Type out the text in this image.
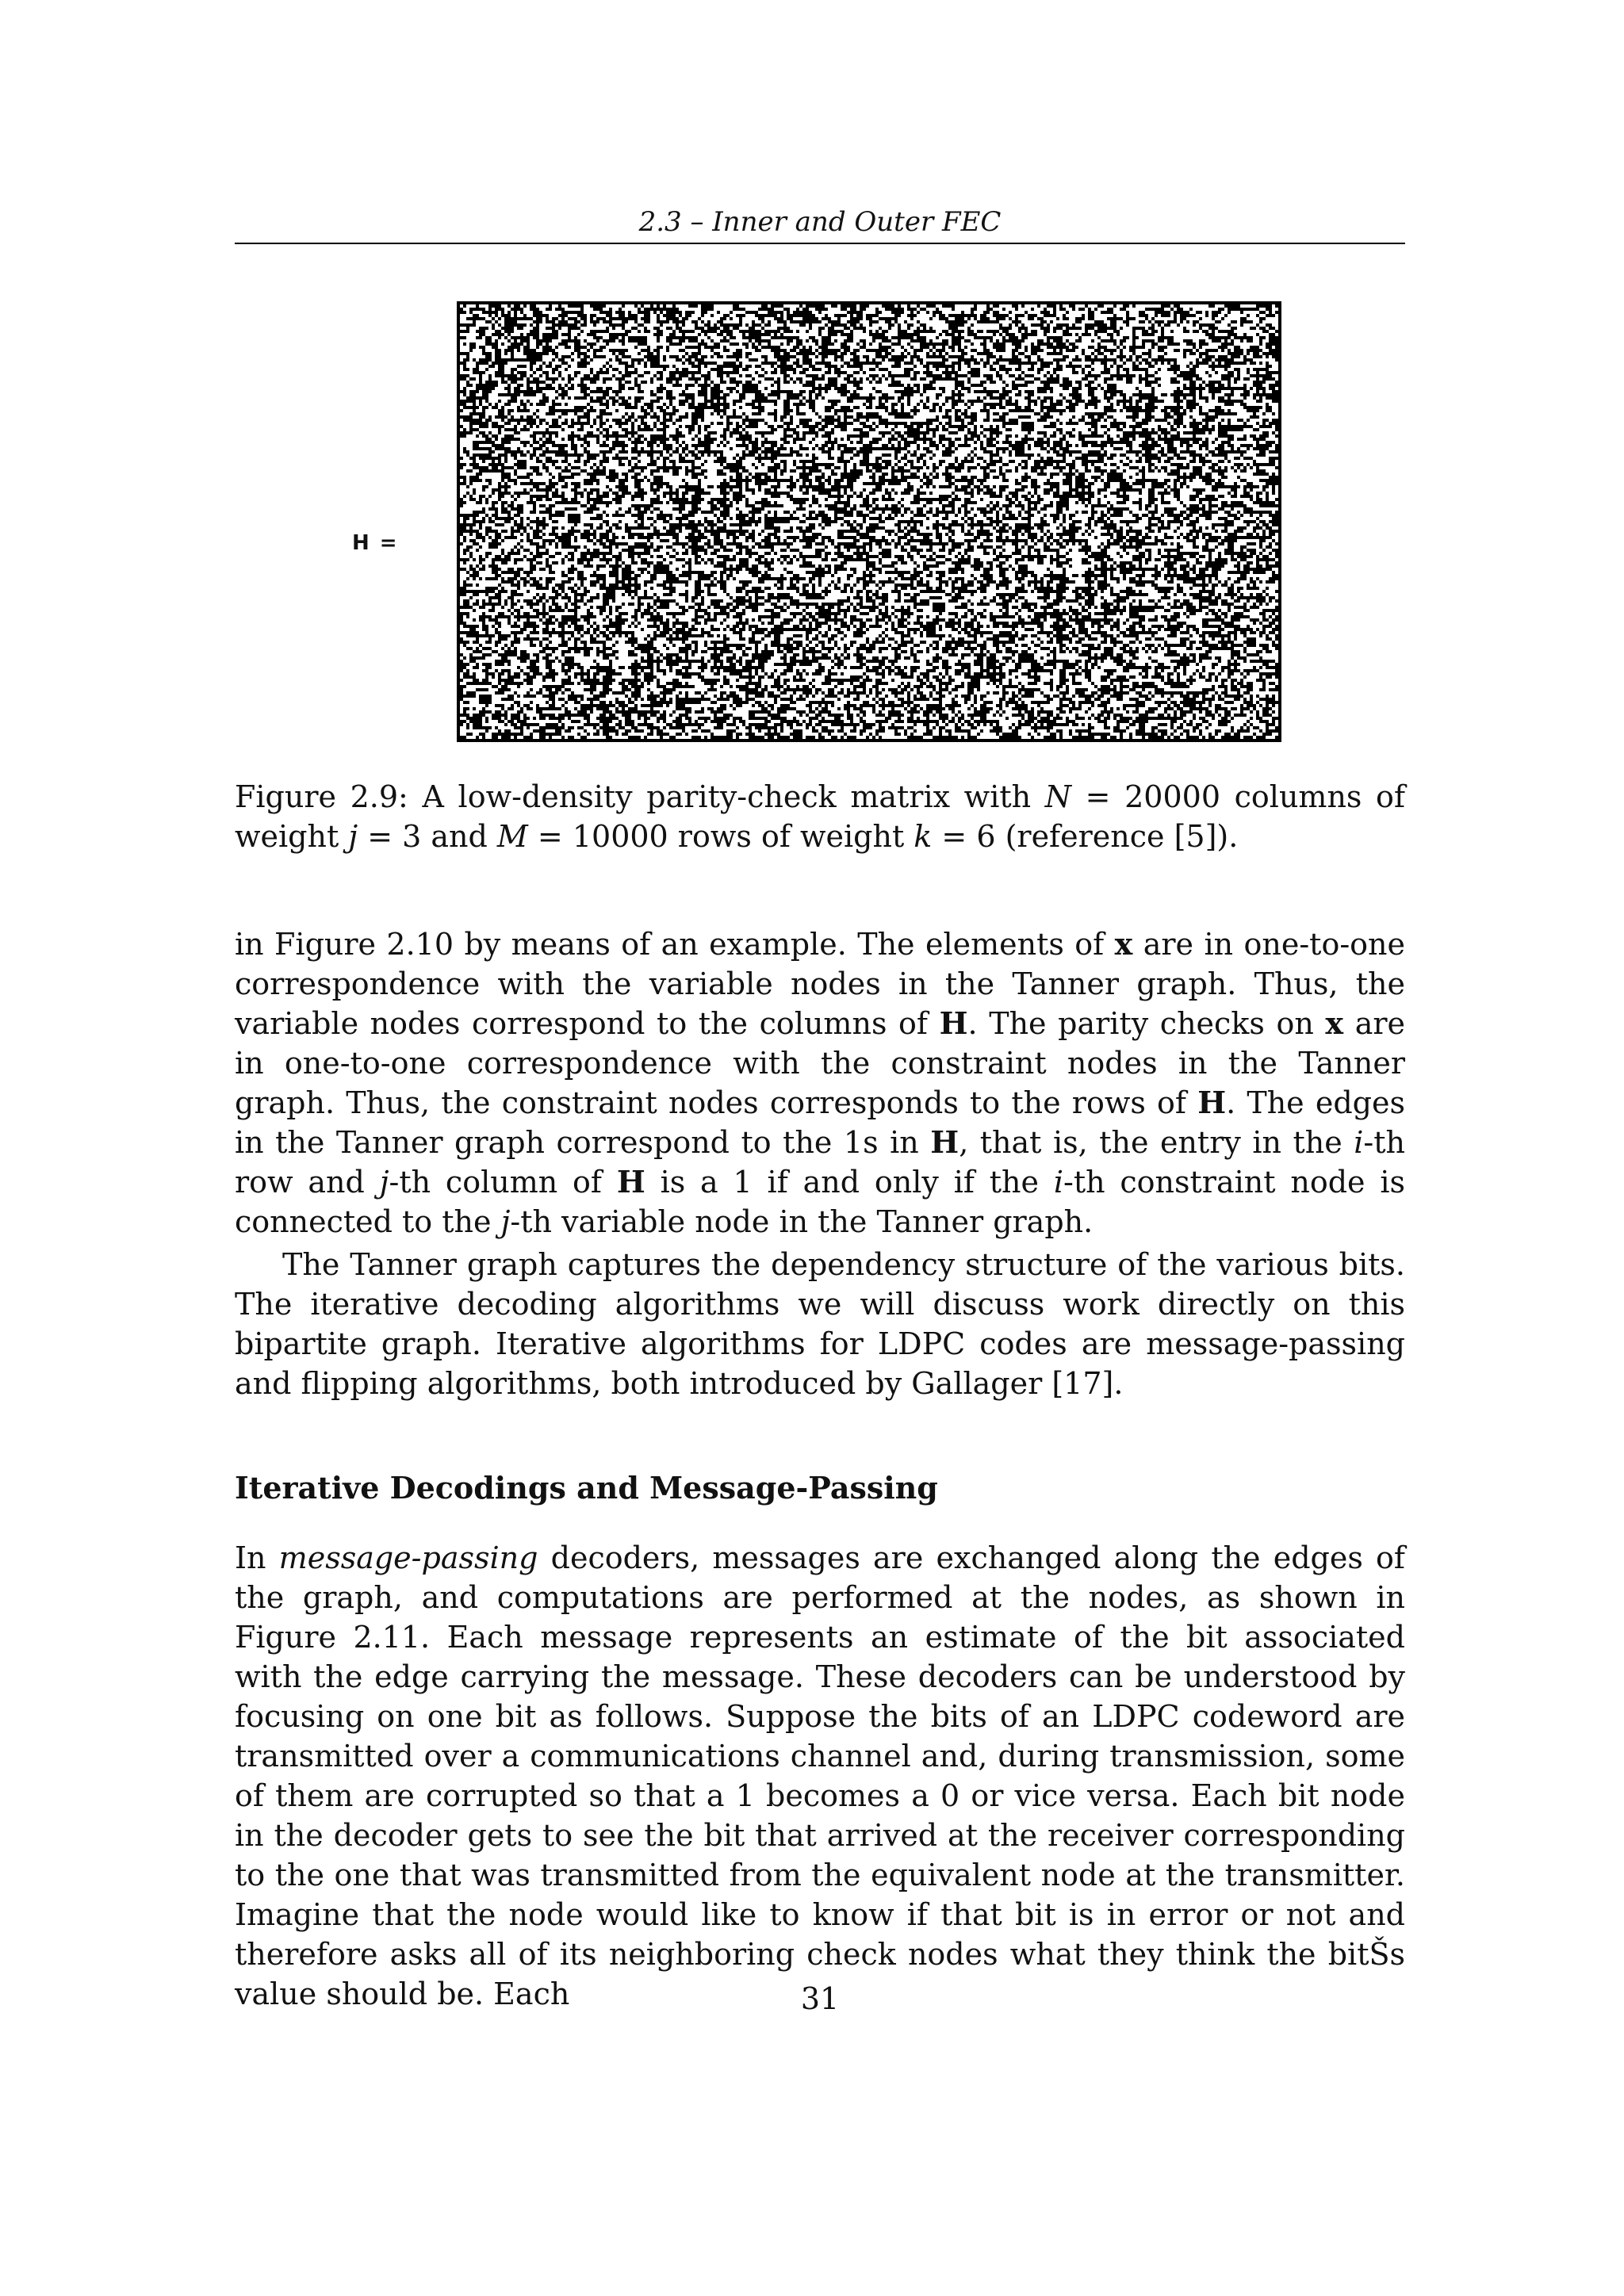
2.3 – Inner and Outer FEC
H =
Figure 2.9: A low-density parity-check matrix with N = 20000 columns of weight j = 3 and M = 10000 rows of weight k = 6 (reference [5]).
in Figure 2.10 by means of an example. The elements of x are in one-to-one correspondence with the variable nodes in the Tanner graph. Thus, the variable nodes correspond to the columns of H. The parity checks on x are in one-to-one correspondence with the constraint nodes in the Tanner graph. Thus, the constraint nodes corresponds to the rows of H. The edges in the Tanner graph correspond to the 1s in H, that is, the entry in the i-th row and j-th column of H is a 1 if and only if the i-th constraint node is connected to the j-th variable node in the Tanner graph.
The Tanner graph captures the dependency structure of the various bits. The iterative decoding algorithms we will discuss work directly on this bipartite graph. Iterative algorithms for LDPC codes are message-passing and flipping algorithms, both introduced by Gallager [17].
Iterative Decodings and Message-Passing
In message-passing decoders, messages are exchanged along the edges of the graph, and computations are performed at the nodes, as shown in Figure 2.11. Each message represents an estimate of the bit associated with the edge carrying the message. These decoders can be understood by focusing on one bit as follows. Suppose the bits of an LDPC codeword are transmitted over a communications channel and, during transmission, some of them are corrupted so that a 1 becomes a 0 or vice versa. Each bit node in the decoder gets to see the bit that arrived at the receiver corresponding to the one that was transmitted from the equivalent node at the transmitter. Imagine that the node would like to know if that bit is in error or not and therefore asks all of its neighboring check nodes what they think the bitŠs value should be. Each	31
